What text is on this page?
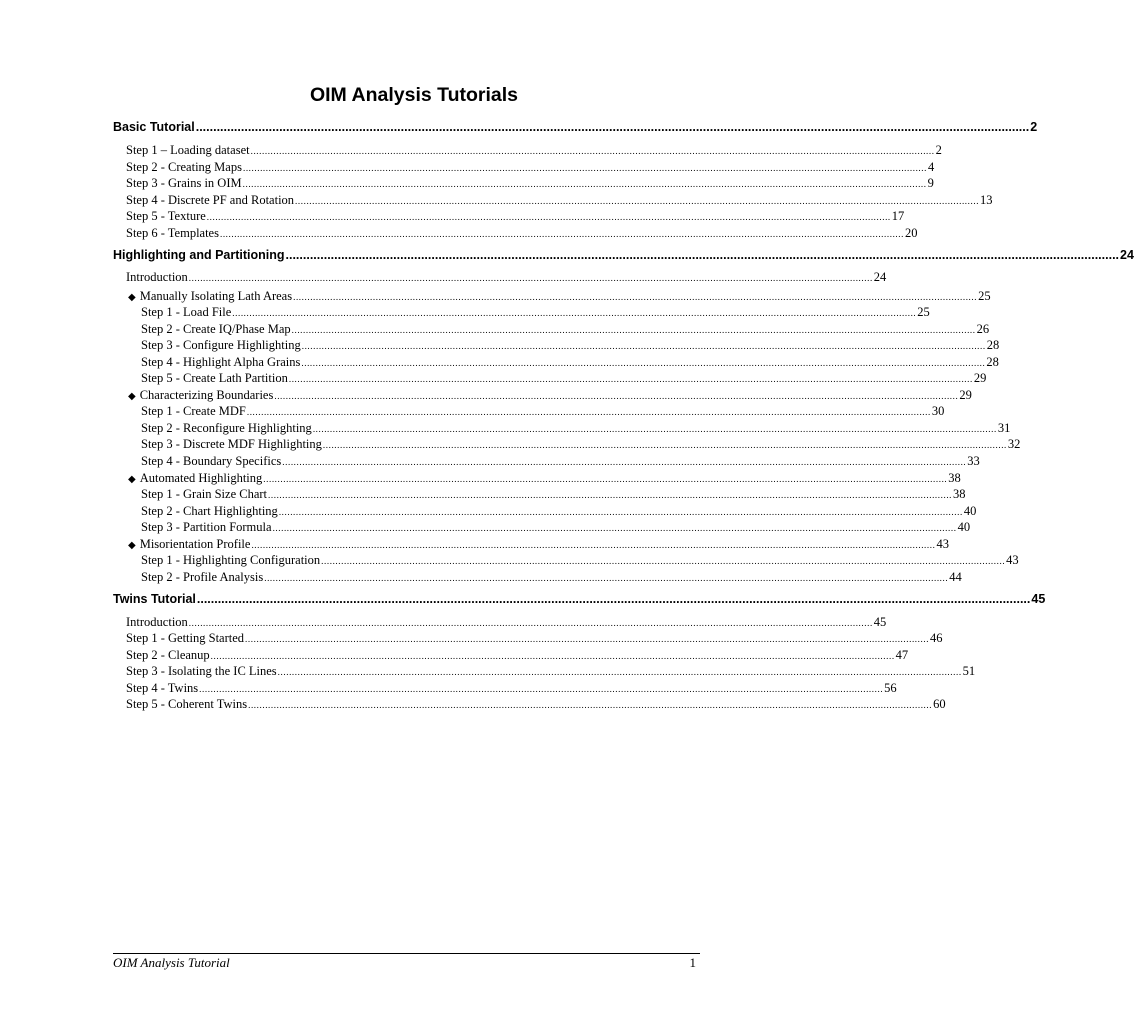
OIM Analysis Tutorials
Basic Tutorial ................................................................................................................................................................................................................................................ 2
Step 1 – Loading dataset ................................................................................................................................................................................................................................................ 2
Step 2 - Creating Maps ................................................................................................................................................................................................................................................ 4
Step 3 - Grains in OIM ................................................................................................................................................................................................................................................ 9
Step 4 - Discrete PF and Rotation ................................................................................................................................................................................................................................................ 13
Step 5 - Texture ................................................................................................................................................................................................................................................ 17
Step 6 - Templates ................................................................................................................................................................................................................................................ 20
Highlighting and Partitioning ................................................................................................................................................................................................................................................ 24
Introduction ................................................................................................................................................................................................................................................ 24
◆ Manually Isolating Lath Areas ................................................................................................................................................................................................................................................ 25
Step 1 - Load File ................................................................................................................................................................................................................................................ 25
Step 2 - Create IQ/Phase Map ................................................................................................................................................................................................................................................ 26
Step 3 - Configure Highlighting ................................................................................................................................................................................................................................................ 28
Step 4 - Highlight Alpha Grains ................................................................................................................................................................................................................................................ 28
Step 5 - Create Lath Partition ................................................................................................................................................................................................................................................ 29
◆ Characterizing Boundaries ................................................................................................................................................................................................................................................ 29
Step 1 - Create MDF ................................................................................................................................................................................................................................................ 30
Step 2 - Reconfigure Highlighting ................................................................................................................................................................................................................................................ 31
Step 3 - Discrete MDF Highlighting ................................................................................................................................................................................................................................................ 32
Step 4 - Boundary Specifics ................................................................................................................................................................................................................................................ 33
◆ Automated Highlighting ................................................................................................................................................................................................................................................ 38
Step 1 - Grain Size Chart ................................................................................................................................................................................................................................................ 38
Step 2 - Chart Highlighting ................................................................................................................................................................................................................................................ 40
Step 3 - Partition Formula ................................................................................................................................................................................................................................................ 40
◆ Misorientation Profile ................................................................................................................................................................................................................................................ 43
Step 1 - Highlighting Configuration ................................................................................................................................................................................................................................................ 43
Step 2 - Profile Analysis ................................................................................................................................................................................................................................................ 44
Twins Tutorial ................................................................................................................................................................................................................................................ 45
Introduction ................................................................................................................................................................................................................................................ 45
Step 1 - Getting Started ................................................................................................................................................................................................................................................ 46
Step 2 - Cleanup ................................................................................................................................................................................................................................................ 47
Step 3 - Isolating the IC Lines ................................................................................................................................................................................................................................................ 51
Step 4 - Twins ................................................................................................................................................................................................................................................ 56
Step 5 - Coherent Twins ................................................................................................................................................................................................................................................ 60
OIM Analysis Tutorial	1
